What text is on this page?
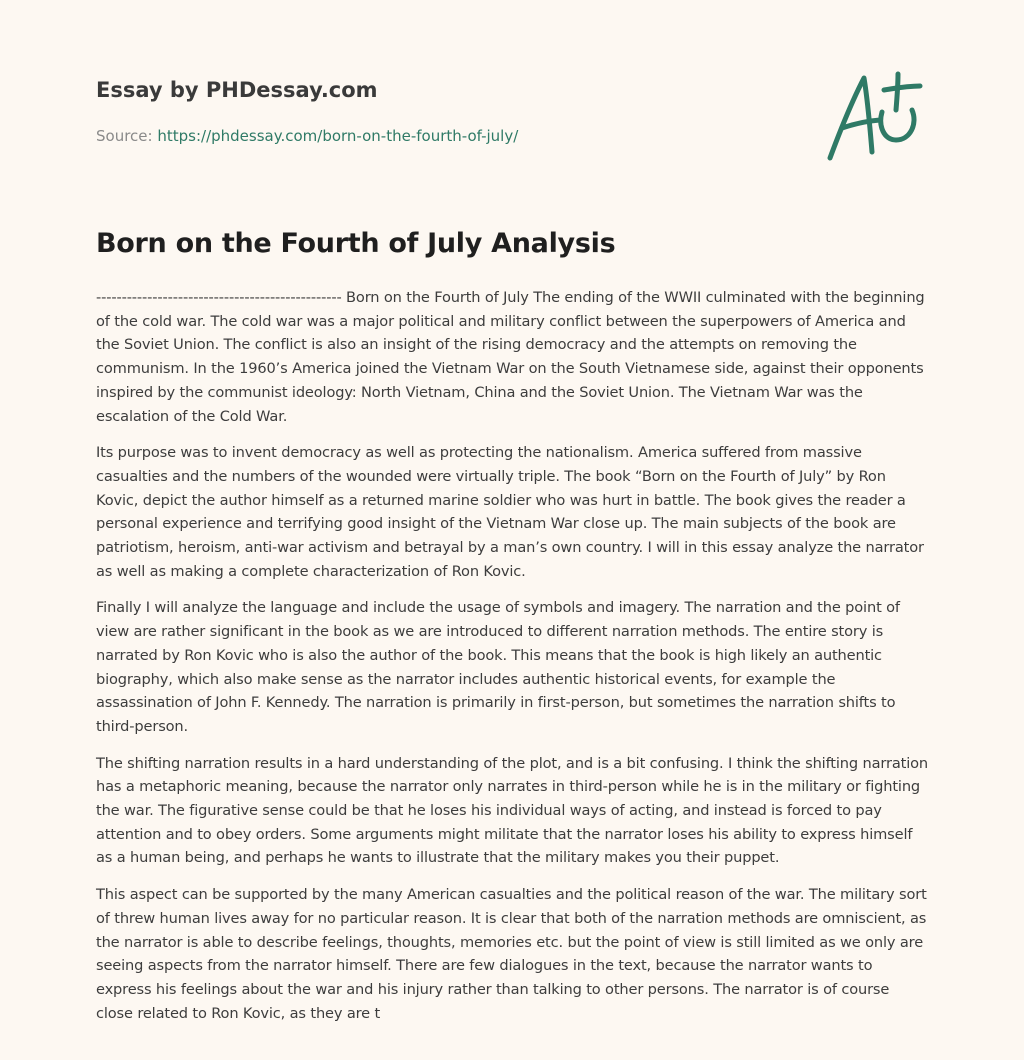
Essay by PHDessay.com
Source: https://phdessay.com/born-on-the-fourth-of-july/
Born on the Fourth of July Analysis

------------------------------------------------ Born on the Fourth of July The ending of the WWII culminated with the beginning of the cold war. The cold war was a major political and military conflict between the superpowers of America and the Soviet Union. The conflict is also an insight of the rising democracy and the attempts on removing the communism. In the 1960’s America joined the Vietnam War on the South Vietnamese side, against their opponents inspired by the communist ideology: North Vietnam, China and the Soviet Union. The Vietnam War was the escalation of the Cold War.

Its purpose was to invent democracy as well as protecting the nationalism. America suffered from massive casualties and the numbers of the wounded were virtually triple. The book “Born on the Fourth of July” by Ron Kovic, depict the author himself as a returned marine soldier who was hurt in battle. The book gives the reader a personal experience and terrifying good insight of the Vietnam War close up. The main subjects of the book are patriotism, heroism, anti-war activism and betrayal by a man’s own country. I will in this essay analyze the narrator as well as making a complete characterization of Ron Kovic.

Finally I will analyze the language and include the usage of symbols and imagery. The narration and the point of view are rather significant in the book as we are introduced to different narration methods. The entire story is narrated by Ron Kovic who is also the author of the book. This means that the book is high likely an authentic biography, which also make sense as the narrator includes authentic historical events, for example the assassination of John F. Kennedy. The narration is primarily in first-person, but sometimes the narration shifts to third-person.

The shifting narration results in a hard understanding of the plot, and is a bit confusing. I think the shifting narration has a metaphoric meaning, because the narrator only narrates in third-person while he is in the military or fighting the war. The figurative sense could be that he loses his individual ways of acting, and instead is forced to pay attention and to obey orders. Some arguments might militate that the narrator loses his ability to express himself as a human being, and perhaps he wants to illustrate that the military makes you their puppet.

This aspect can be supported by the many American casualties and the political reason of the war. The military sort of threw human lives away for no particular reason. It is clear that both of the narration methods are omniscient, as the narrator is able to describe feelings, thoughts, memories etc. but the point of view is still limited as we only are seeing aspects from the narrator himself. There are few dialogues in the text, because the narrator wants to express his feelings about the war and his injury rather than talking to other persons. The narrator is of course close related to Ron Kovic, as they are t
